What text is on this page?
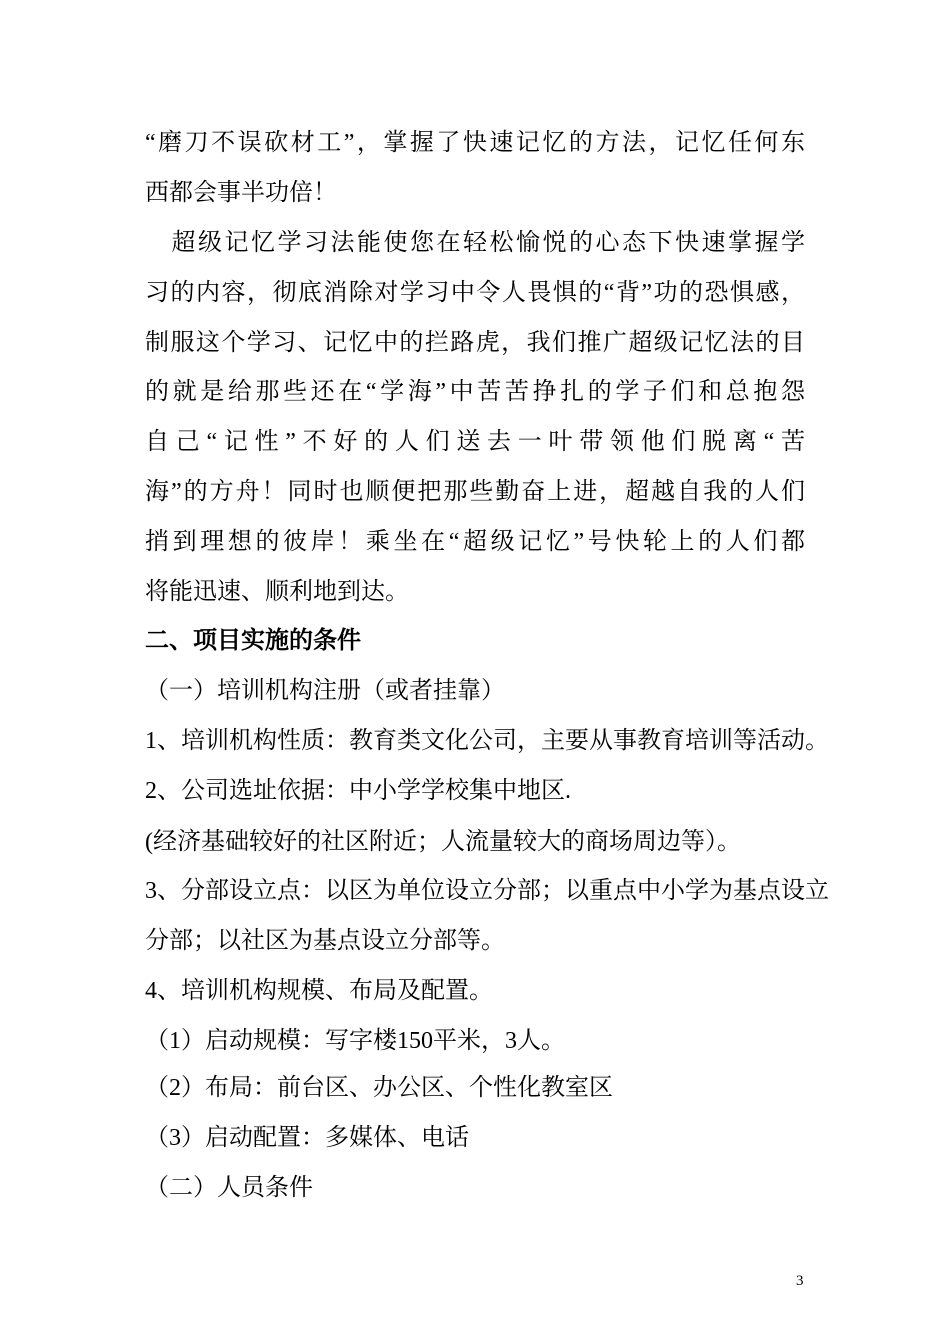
“磨刀不误砍材工”，掌握了快速记忆的方法，记忆任何东
西都会事半功倍！
　超级记忆学习法能使您在轻松愉悦的心态下快速掌握学
习的内容，彻底消除对学习中令人畏惧的“背”功的恐惧感，
制服这个学习、记忆中的拦路虎，我们推广超级记忆法的目
的就是给那些还在“学海”中苦苦挣扎的学子们和总抱怨
自己“记性”不好的人们送去一叶带领他们脱离“苦
海”的方舟！同时也顺便把那些勤奋上进，超越自我的人们
捎到理想的彼岸！乘坐在“超级记忆”号快轮上的人们都
将能迅速、顺利地到达。
二、项目实施的条件
（一）培训机构注册（或者挂靠）
1、培训机构性质：教育类文化公司，主要从事教育培训等活动。
2、公司选址依据：中小学学校集中地区.
(经济基础较好的社区附近；人流量较大的商场周边等）。
3、分部设立点：以区为单位设立分部；以重点中小学为基点设立
分部；以社区为基点设立分部等。
4、培训机构规模、布局及配置。
（1）启动规模：写字楼150平米，3人。
（2）布局：前台区、办公区、个性化教室区
（3）启动配置：多媒体、电话
（二）人员条件
3
